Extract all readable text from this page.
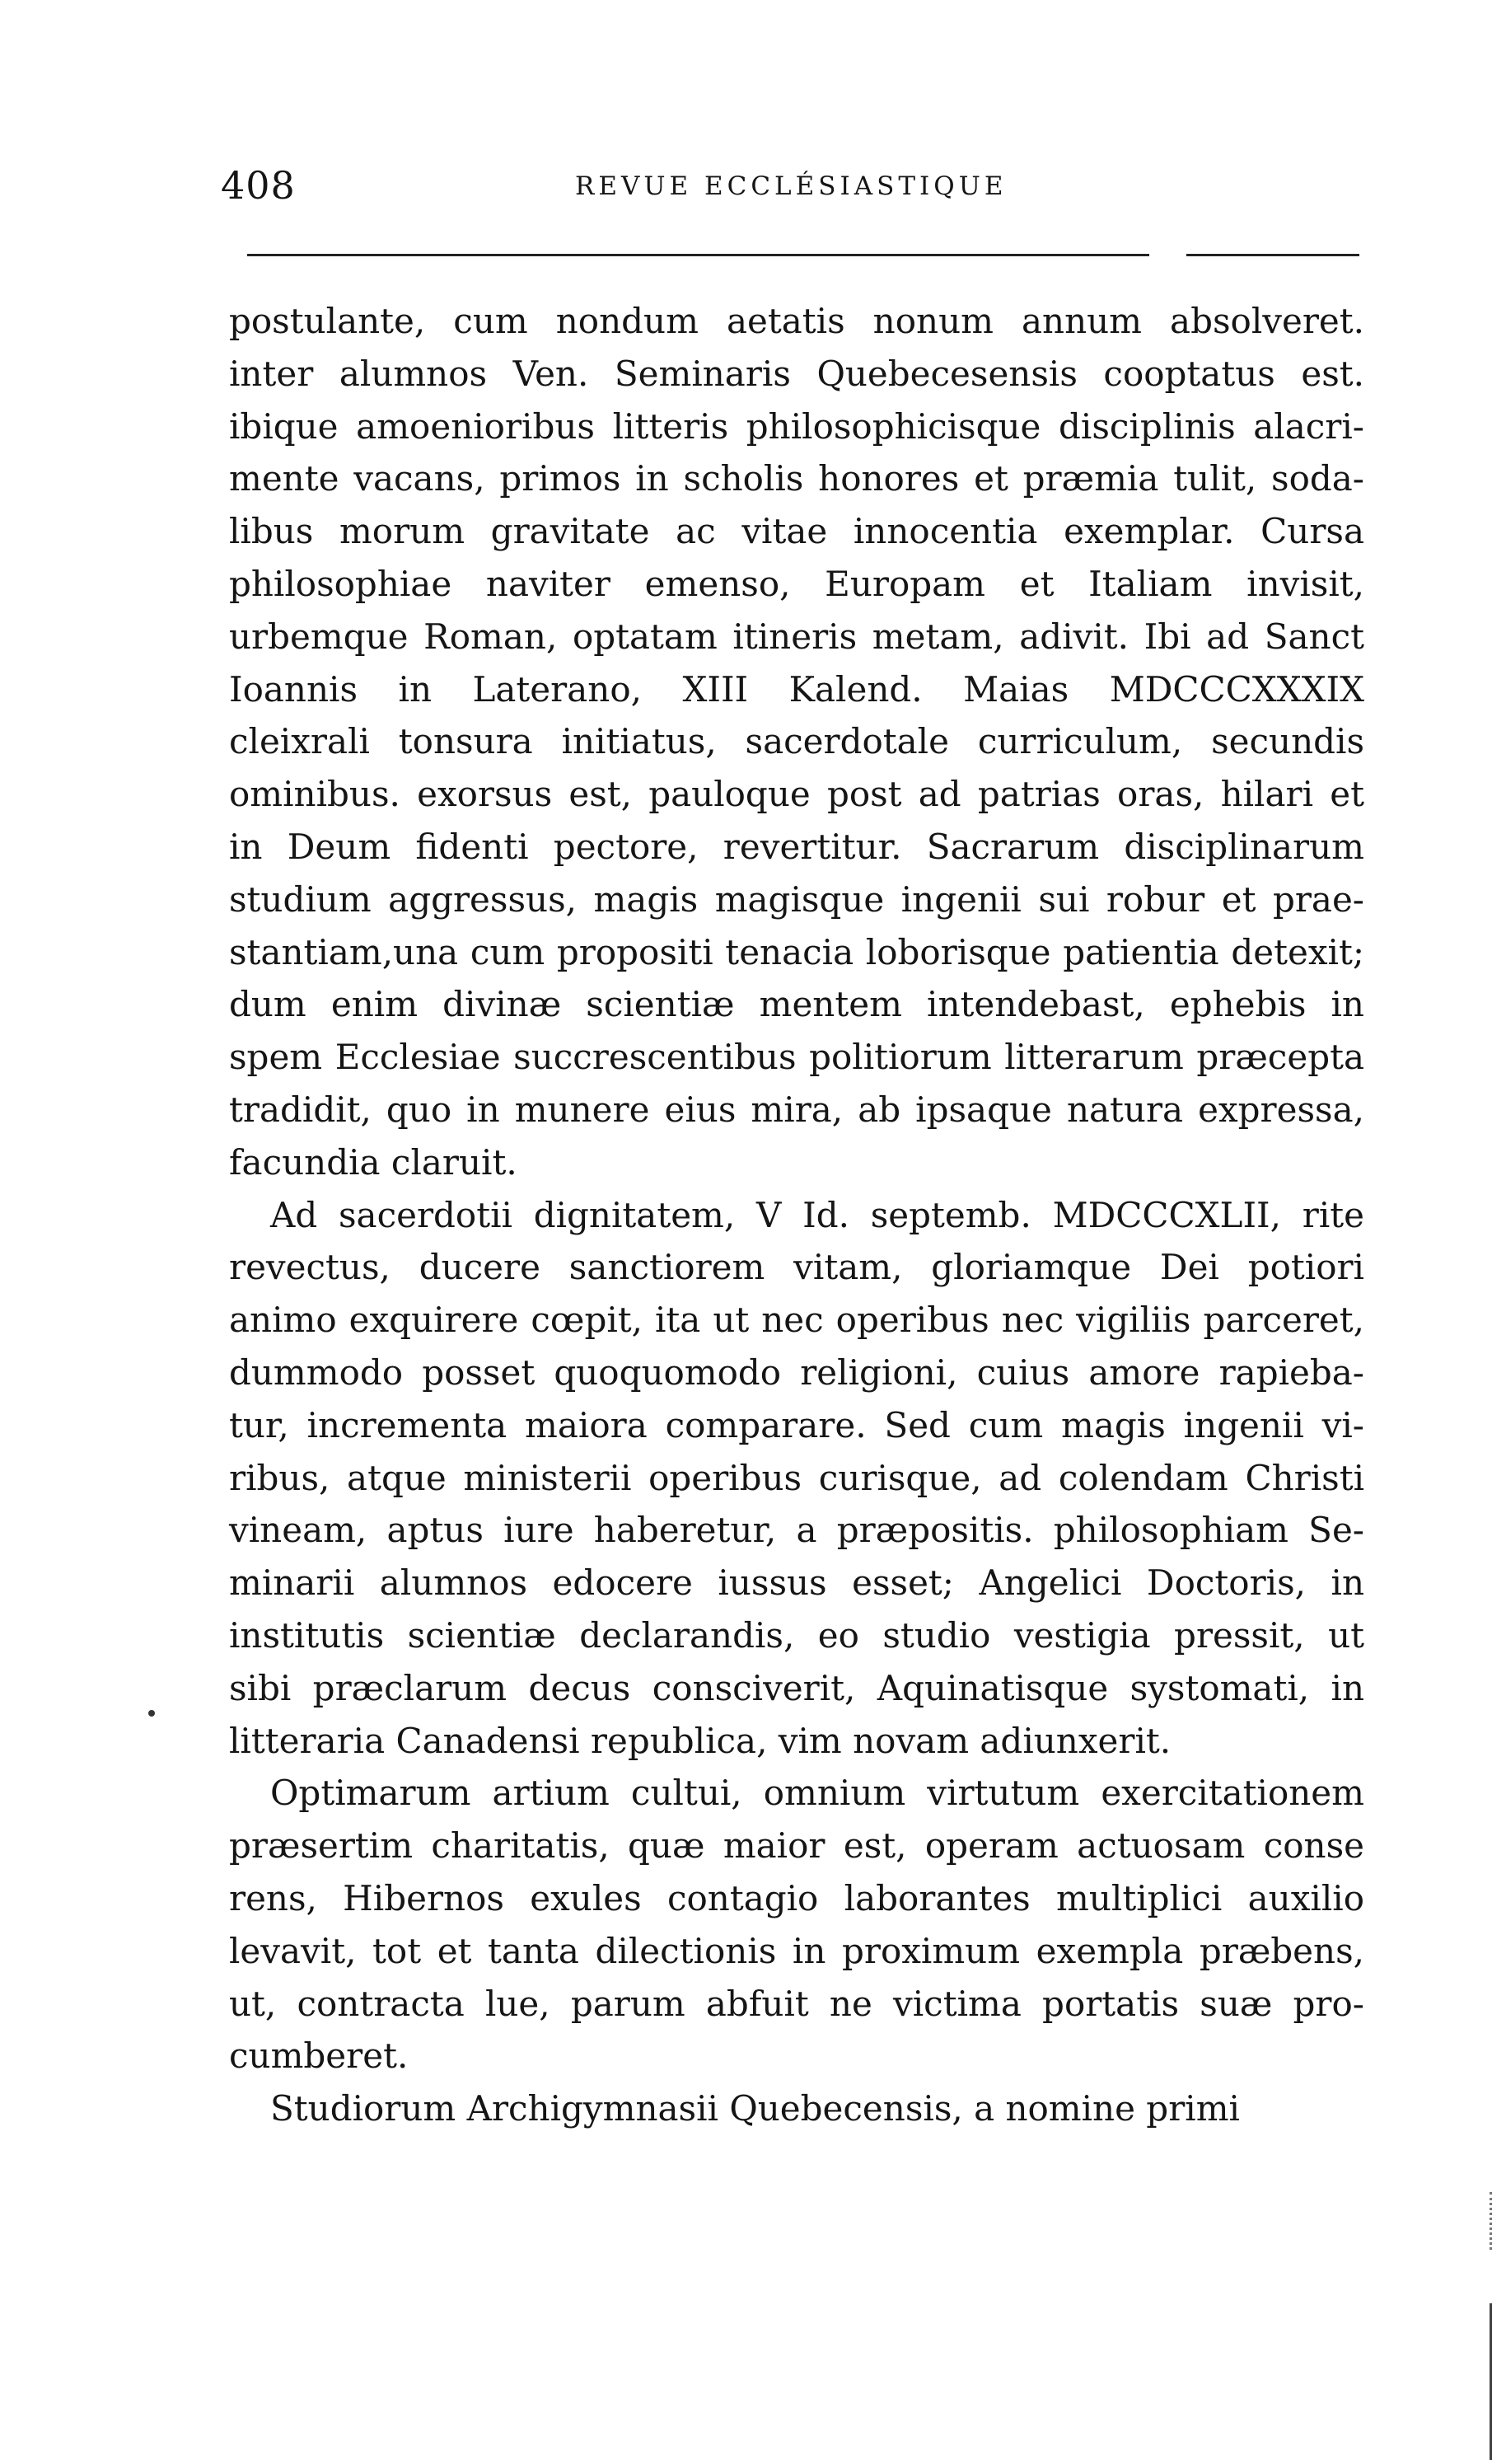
408	REVUE ECCLÉSIASTIQUE
postulante, cum nondum aetatis nonum annum absolveret.
inter alumnos Ven. Seminaris Quebecesensis cooptatus est.
ibique amoenioribus litteris philosophicisque disciplinis alacri-
mente vacans, primos in scholis honores et præmia tulit, soda-
libus morum gravitate ac vitae innocentia exemplar. Cursa
philosophiae naviter emenso, Europam et Italiam invisit,
urbemque Roman, optatam itineris metam, adivit. Ibi ad Sanct
Ioannis in Laterano, XIII Kalend. Maias MDCCCXXXIX
cleixrali tonsura initiatus, sacerdotale curriculum, secundis
ominibus. exorsus est, pauloque post ad patrias oras, hilari et
in Deum fidenti pectore, revertitur. Sacrarum disciplinarum
studium aggressus, magis magisque ingenii sui robur et prae-
stantiam,una cum propositi tenacia loborisque patientia detexit;
dum enim divinæ scientiæ mentem intendebast, ephebis in
spem Ecclesiae succrescentibus politiorum litterarum præcepta
tradidit, quo in munere eius mira, ab ipsaque natura expressa,
facundia claruit.
Ad sacerdotii dignitatem, V Id. septemb. MDCCCXLII, rite
revectus, ducere sanctiorem vitam, gloriamque Dei potiori
animo exquirere cœpit, ita ut nec operibus nec vigiliis parceret,
dummodo posset quoquomodo religioni, cuius amore rapieba-
tur, incrementa maiora comparare. Sed cum magis ingenii vi-
ribus, atque ministerii operibus curisque, ad colendam Christi
vineam, aptus iure haberetur, a præpositis. philosophiam Se-
minarii alumnos edocere iussus esset; Angelici Doctoris, in
institutis scientiæ declarandis, eo studio vestigia pressit, ut
sibi præclarum decus consciverit, Aquinatisque systomati, in
litteraria Canadensi republica, vim novam adiunxerit.
Optimarum artium cultui, omnium virtutum exercitationem
præsertim charitatis, quæ maior est, operam actuosam conse
rens, Hibernos exules contagio laborantes multiplici auxilio
levavit, tot et tanta dilectionis in proximum exempla præbens,
ut, contracta lue, parum abfuit ne victima portatis suæ pro-
cumberet.
Studiorum Archigymnasii Quebecensis, a nomine primi
